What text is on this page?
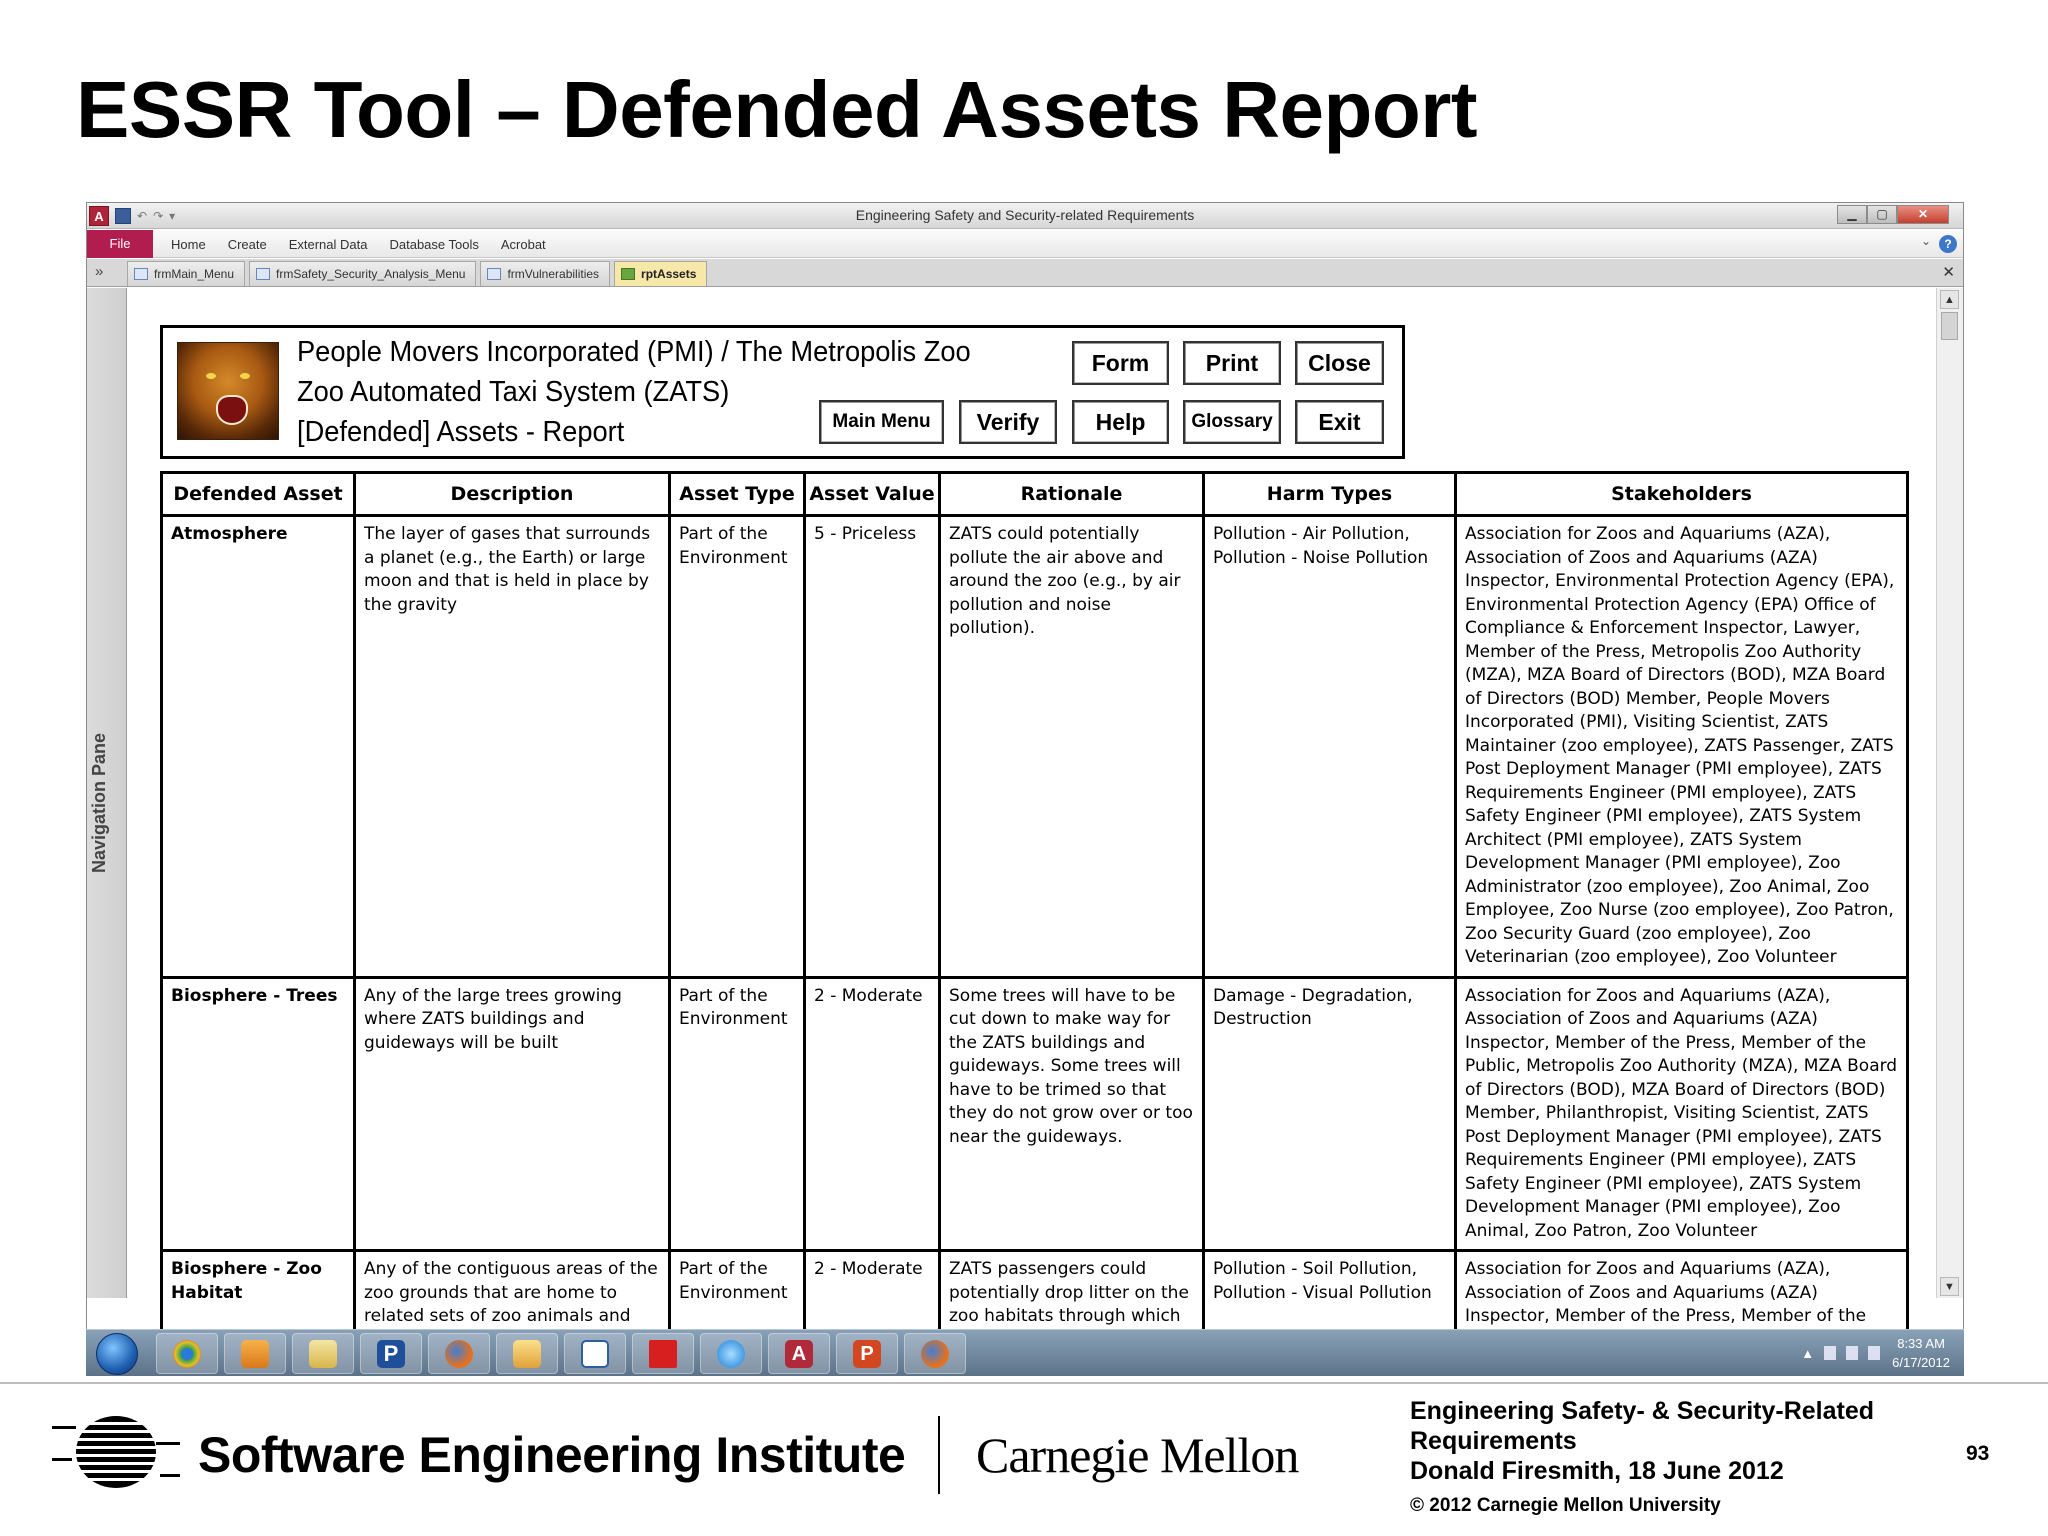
ESSR Tool – Defended Assets Report
A	↶ ↷ ▾	Engineering Safety and Security-related Requirements	▁	▢	✕
File	Home Create External Data Database Tools Acrobat	⌄	?
»	frmMain_Menu	frmSafety_Security_Analysis_Menu	frmVulnerabilities	rptAssets	✕
Navigation Pane
People Movers Incorporated (PMI) / The Metropolis Zoo
Zoo Automated Taxi System (ZATS)
[Defended] Assets - Report
Form	Print	Close
Main Menu	Verify	Help	Glossary	Exit
Defended Asset	Description	Asset Type	Asset Value	Rationale	Harm Types	Stakeholders
Atmosphere	The layer of gases that surrounds a planet (e.g., the Earth) or large moon and that is held in place by the gravity	Part of the Environment	5 - Priceless	ZATS could potentially pollute the air above and around the zoo (e.g., by air pollution and noise pollution).	Pollution - Air Pollution, Pollution - Noise Pollution	Association for Zoos and Aquariums (AZA), Association of Zoos and Aquariums (AZA) Inspector, Environmental Protection Agency (EPA), Environmental Protection Agency (EPA) Office of Compliance & Enforcement Inspector, Lawyer, Member of the Press, Metropolis Zoo Authority (MZA), MZA Board of Directors (BOD), MZA Board of Directors (BOD) Member, People Movers Incorporated (PMI), Visiting Scientist, ZATS Maintainer (zoo employee), ZATS Passenger, ZATS Post Deployment Manager (PMI employee), ZATS Requirements Engineer (PMI employee), ZATS Safety Engineer (PMI employee), ZATS System Architect (PMI employee), ZATS System Development Manager (PMI employee), Zoo Administrator (zoo employee), Zoo Animal, Zoo Employee, Zoo Nurse (zoo employee), Zoo Patron, Zoo Security Guard (zoo employee), Zoo Veterinarian (zoo employee), Zoo Volunteer
Biosphere - Trees	Any of the large trees growing where ZATS buildings and guideways will be built	Part of the Environment	2 - Moderate	Some trees will have to be cut down to make way for the ZATS buildings and guideways. Some trees will have to be trimed so that they do not grow over or too near the guideways.	Damage - Degradation, Destruction	Association for Zoos and Aquariums (AZA), Association of Zoos and Aquariums (AZA) Inspector, Member of the Press, Member of the Public, Metropolis Zoo Authority (MZA), MZA Board of Directors (BOD), MZA Board of Directors (BOD) Member, Philanthropist, Visiting Scientist, ZATS Post Deployment Manager (PMI employee), ZATS Requirements Engineer (PMI employee), ZATS Safety Engineer (PMI employee), ZATS System Development Manager (PMI employee), Zoo Animal, Zoo Patron, Zoo Volunteer
Biosphere - Zoo Habitat	Any of the contiguous areas of the zoo grounds that are home to related sets of zoo animals and	Part of the Environment	2 - Moderate	ZATS passengers could potentially drop litter on the zoo habitats through which	Pollution - Soil Pollution, Pollution - Visual Pollution	Association for Zoos and Aquariums (AZA), Association of Zoos and Aquariums (AZA) Inspector, Member of the Press, Member of the
▲
▼
P	A	P	▲
8:33 AM
6/17/2012
Software Engineering Institute Carnegie Mellon
Engineering Safety- & Security-Related
Requirements
Donald Firesmith, 18 June 2012
© 2012 Carnegie Mellon University
93
